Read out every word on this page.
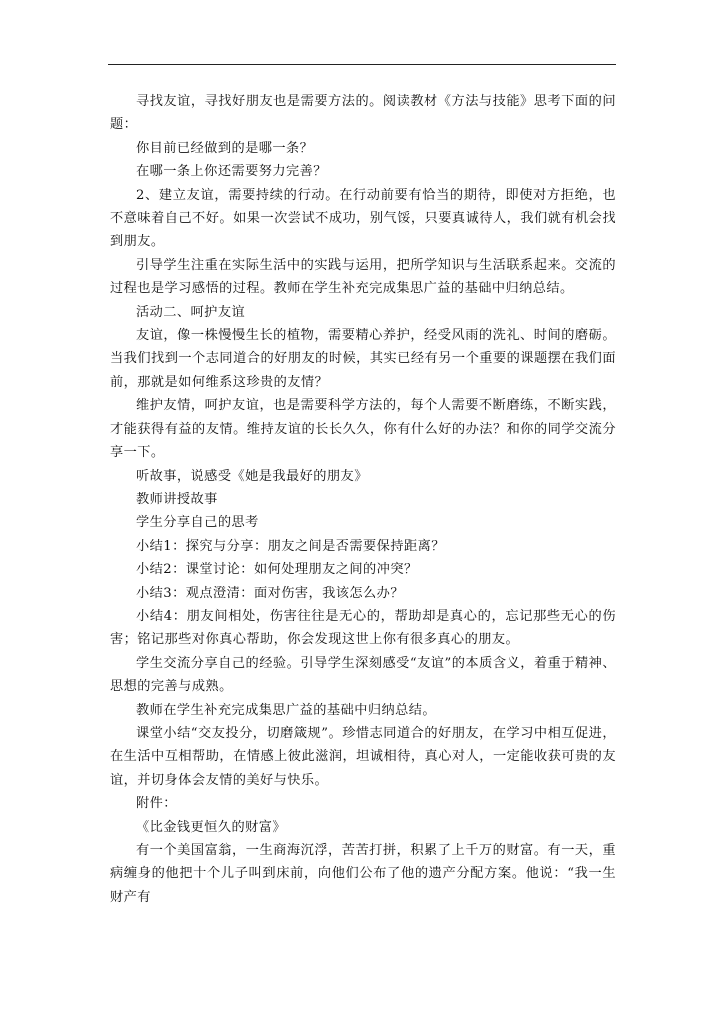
寻找友谊，寻找好朋友也是需要方法的。阅读教材《方法与技能》思考下面的问题：

你目前已经做到的是哪一条？

在哪一条上你还需要努力完善？

2、建立友谊，需要持续的行动。在行动前要有恰当的期待，即使对方拒绝，也不意味着自己不好。如果一次尝试不成功，别气馁，只要真诚待人，我们就有机会找到朋友。

引导学生注重在实际生活中的实践与运用，把所学知识与生活联系起来。交流的过程也是学习感悟的过程。教师在学生补充完成集思广益的基础中归纳总结。

活动二、呵护友谊

友谊，像一株慢慢生长的植物，需要精心养护，经受风雨的洗礼、时间的磨砺。当我们找到一个志同道合的好朋友的时候，其实已经有另一个重要的课题摆在我们面前，那就是如何维系这珍贵的友情？

维护友情，呵护友谊，也是需要科学方法的，每个人需要不断磨练，不断实践，才能获得有益的友情。维持友谊的长长久久，你有什么好的办法？和你的同学交流分享一下。

听故事，说感受《她是我最好的朋友》

教师讲授故事

学生分享自己的思考

小结1：探究与分享：朋友之间是否需要保持距离？

小结2：课堂讨论：如何处理朋友之间的冲突？

小结3：观点澄清：面对伤害，我该怎么办？

小结4：朋友间相处，伤害往往是无心的，帮助却是真心的，忘记那些无心的伤害；铭记那些对你真心帮助，你会发现这世上你有很多真心的朋友。

学生交流分享自己的经验。引导学生深刻感受“友谊”的本质含义，着重于精神、思想的完善与成熟。

教师在学生补充完成集思广益的基础中归纳总结。

课堂小结“交友投分，切磨箴规”。珍惜志同道合的好朋友，在学习中相互促进，在生活中互相帮助，在情感上彼此滋润，坦诚相待，真心对人，一定能收获可贵的友谊，并切身体会友情的美好与快乐。

附件：

《比金钱更恒久的财富》

有一个美国富翁，一生商海沉浮，苦苦打拼，积累了上千万的财富。有一天，重病缠身的他把十个儿子叫到床前，向他们公布了他的遗产分配方案。他说：“我一生财产有
